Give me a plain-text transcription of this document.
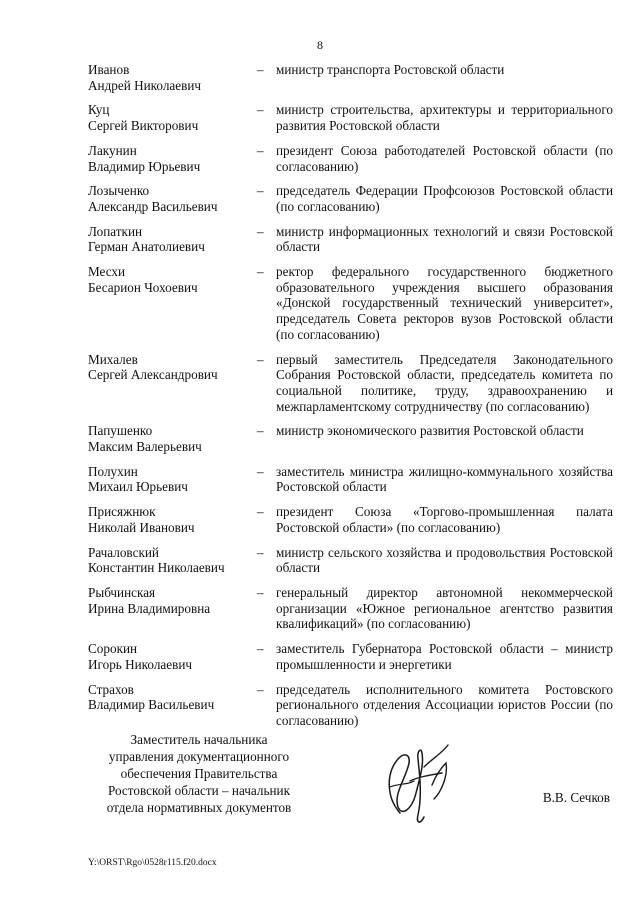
8
Иванов
Андрей Николаевич
– министр транспорта Ростовской области
Куц
Сергей Викторович
– министр строительства, архитектуры и территориального развития Ростовской области
Лакунин
Владимир Юрьевич
– президент Союза работодателей Ростовской области (по согласованию)
Лозыченко
Александр Васильевич
– председатель Федерации Профсоюзов Ростовской области (по согласованию)
Лопаткин
Герман Анатолиевич
– министр информационных технологий и связи Ростовской области
Месхи
Бесарион Чохоевич
– ректор федерального государственного бюджетного образовательного учреждения высшего образования «Донской государственный технический университет», председатель Совета ректоров вузов Ростовской области (по согласованию)
Михалев
Сергей Александрович
– первый заместитель Председателя Законодательного Собрания Ростовской области, председатель комитета по социальной политике, труду, здравоохранению и межпарламентскому сотрудничеству (по согласованию)
Папушенко
Максим Валерьевич
– министр экономического развития Ростовской области
Полухин
Михаил Юрьевич
– заместитель министра жилищно-коммунального хозяйства Ростовской области
Присяжнюк
Николай Иванович
– президент Союза «Торгово-промышленная палата Ростовской области» (по согласованию)
Рачаловский
Константин Николаевич
– министр сельского хозяйства и продовольствия Ростовской области
Рыбчинская
Ирина Владимировна
– генеральный директор автономной некоммерческой организации «Южное региональное агентство развития квалификаций» (по согласованию)
Сорокин
Игорь Николаевич
– заместитель Губернатора Ростовской области – министр промышленности и энергетики
Страхов
Владимир Васильевич
– председатель исполнительного комитета Ростовского регионального отделения Ассоциации юристов России (по согласованию)
Заместитель начальника
управления документационного
обеспечения Правительства
Ростовской области – начальник
отдела нормативных документов
В.В. Сечков
Y:\ORST\Rgo\0528r115.f20.docx
